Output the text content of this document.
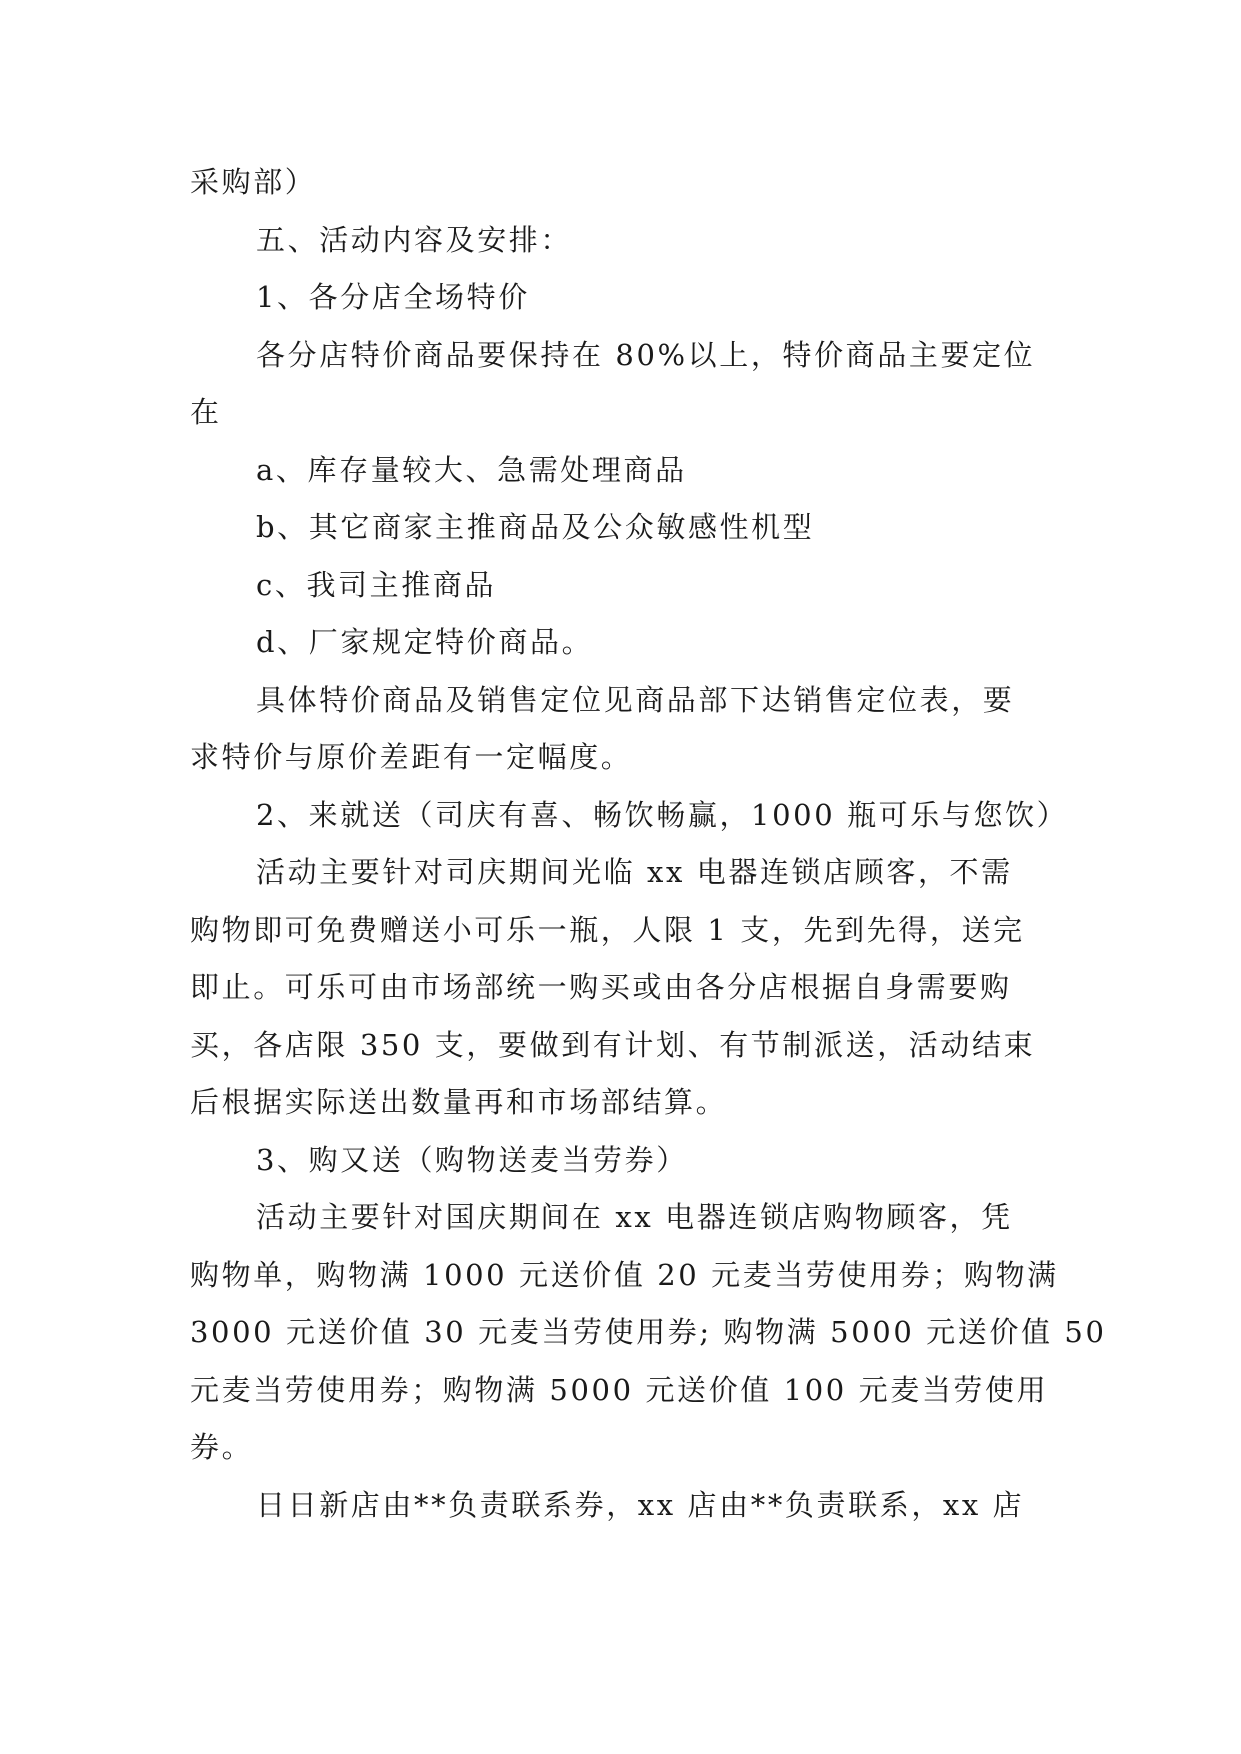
采购部）
五、活动内容及安排：
1、各分店全场特价
各分店特价商品要保持在 80%以上，特价商品主要定位
在
a、库存量较大、急需处理商品
b、其它商家主推商品及公众敏感性机型
c、我司主推商品
d、厂家规定特价商品。
具体特价商品及销售定位见商品部下达销售定位表，要
求特价与原价差距有一定幅度。
2、来就送（司庆有喜、畅饮畅赢，1000 瓶可乐与您饮）
活动主要针对司庆期间光临 xx 电器连锁店顾客，不需
购物即可免费赠送小可乐一瓶，人限 1 支，先到先得，送完
即止。可乐可由市场部统一购买或由各分店根据自身需要购
买，各店限 350 支，要做到有计划、有节制派送，活动结束
后根据实际送出数量再和市场部结算。
3、购又送（购物送麦当劳券）
活动主要针对国庆期间在 xx 电器连锁店购物顾客，凭
购物单，购物满 1000 元送价值 20 元麦当劳使用券；购物满
3000 元送价值 30 元麦当劳使用券; 购物满 5000 元送价值 50
元麦当劳使用券；购物满 5000 元送价值 100 元麦当劳使用
券。
日日新店由**负责联系券，xx 店由**负责联系，xx 店
